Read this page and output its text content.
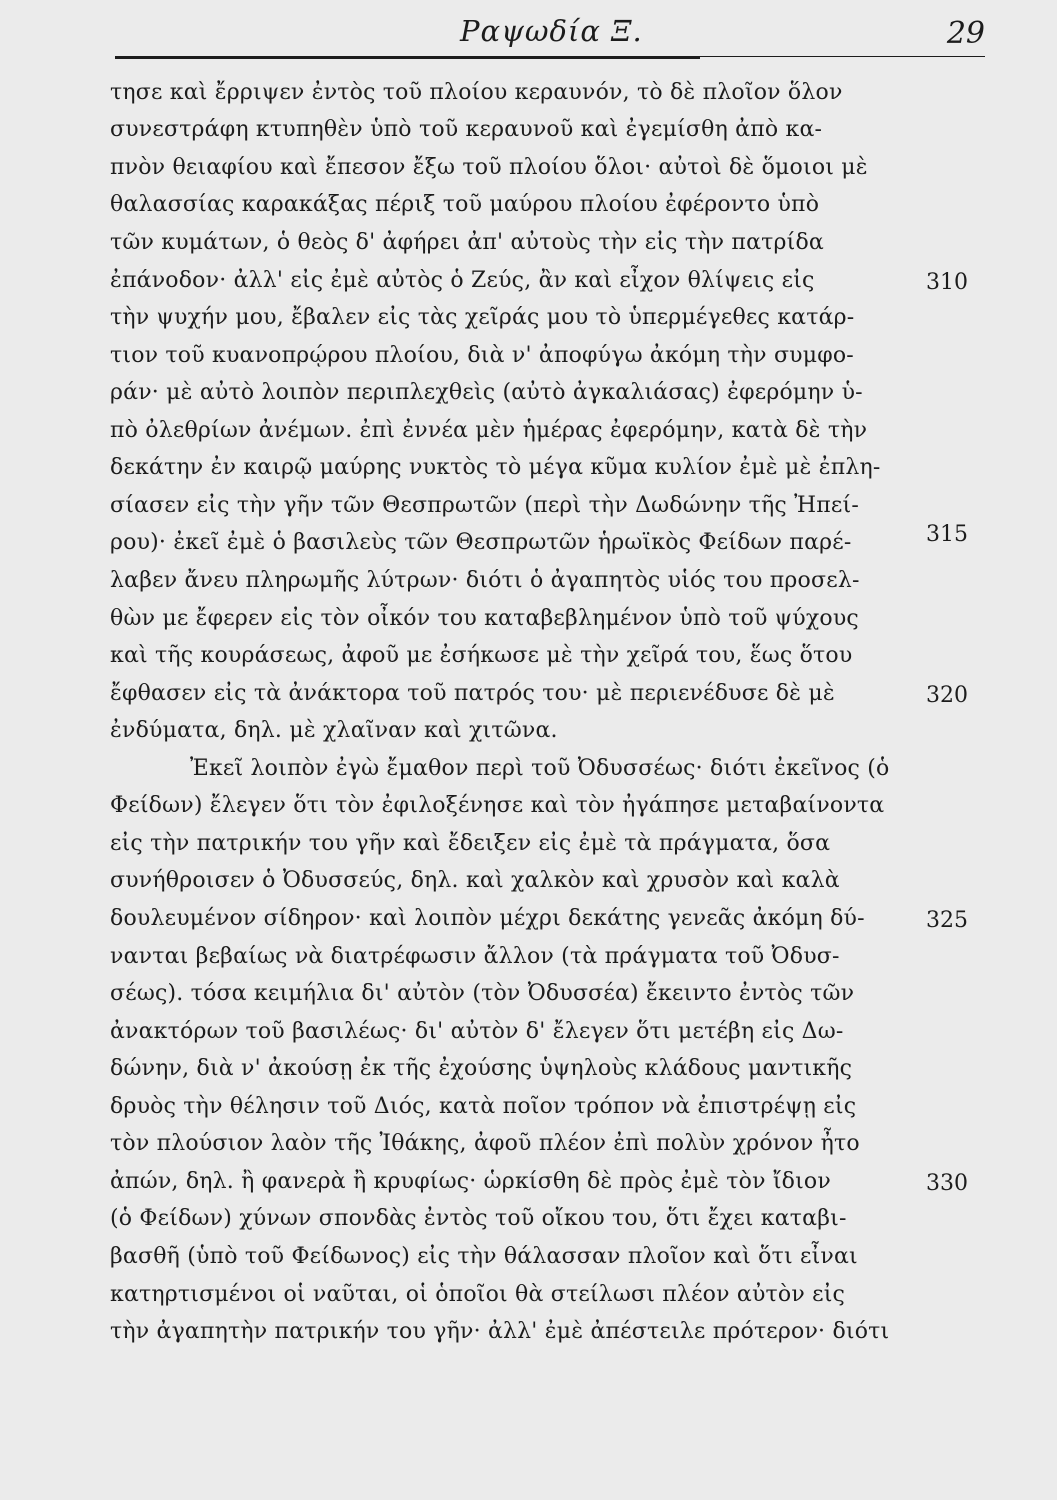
Ραψωδία Ξ.	29
τησε καὶ ἔρριψεν ἐντὸς τοῦ πλοίου κεραυνόν, τὸ δὲ πλοῖον ὅλον
συνεστράφη κτυπηθὲν ὑπὸ τοῦ κεραυνοῦ καὶ ἐγεμίσθη ἀπὸ κα-
πνὸν θειαφίου καὶ ἔπεσον ἔξω τοῦ πλοίου ὅλοι· αὐτοὶ δὲ ὅμοιοι μὲ
θαλασσίας καρακάξας πέριξ τοῦ μαύρου πλοίου ἐφέροντο ὑπὸ
τῶν κυμάτων, ὁ θεὸς δ' ἀφήρει ἀπ' αὐτοὺς τὴν εἰς τὴν πατρίδα
ἐπάνοδον· ἀλλ' εἰς ἐμὲ αὐτὸς ὁ Ζεύς, ἂν καὶ εἶχον θλίψεις εἰς
τὴν ψυχήν μου, ἔβαλεν εἰς τὰς χεῖράς μου τὸ ὑπερμέγεθες κατάρ-
τιον τοῦ κυανοπρῴρου πλοίου, διὰ ν' ἀποφύγω ἀκόμη τὴν συμφο-
ράν· μὲ αὐτὸ λοιπὸν περιπλεχθεὶς (αὐτὸ ἀγκαλιάσας) ἐφερόμην ὑ-
πὸ ὀλεθρίων ἀνέμων. ἐπὶ ἐννέα μὲν ἡμέρας ἐφερόμην, κατὰ δὲ τὴν
δεκάτην ἐν καιρῷ μαύρης νυκτὸς τὸ μέγα κῦμα κυλίον ἐμὲ μὲ ἐπλη-
σίασεν εἰς τὴν γῆν τῶν Θεσπρωτῶν (περὶ τὴν Δωδώνην τῆς Ἠπεί-
ρου)· ἐκεῖ ἐμὲ ὁ βασιλεὺς τῶν Θεσπρωτῶν ἡρωϊκὸς Φείδων παρέ-
λαβεν ἄνευ πληρωμῆς λύτρων· διότι ὁ ἀγαπητὸς υἱός του προσελ-
θὼν με ἔφερεν εἰς τὸν οἶκόν του καταβεβλημένον ὑπὸ τοῦ ψύχους
καὶ τῆς κουράσεως, ἀφοῦ με ἐσήκωσε μὲ τὴν χεῖρά του, ἕως ὅτου
ἔφθασεν εἰς τὰ ἀνάκτορα τοῦ πατρός του· μὲ περιενέδυσε δὲ μὲ
ἐνδύματα, δηλ. μὲ χλαῖναν καὶ χιτῶνα.
Ἐκεῖ λοιπὸν ἐγὼ ἔμαθον περὶ τοῦ Ὀδυσσέως· διότι ἐκεῖνος (ὁ
Φείδων) ἔλεγεν ὅτι τὸν ἐφιλοξένησε καὶ τὸν ἠγάπησε μεταβαίνοντα
εἰς τὴν πατρικήν του γῆν καὶ ἔδειξεν εἰς ἐμὲ τὰ πράγματα, ὅσα
συνήθροισεν ὁ Ὀδυσσεύς, δηλ. καὶ χαλκὸν καὶ χρυσὸν καὶ καλὰ
δουλευμένον σίδηρον· καὶ λοιπὸν μέχρι δεκάτης γενεᾶς ἀκόμη δύ-
νανται βεβαίως νὰ διατρέφωσιν ἄλλον (τὰ πράγματα τοῦ Ὀδυσ-
σέως). τόσα κειμήλια δι' αὐτὸν (τὸν Ὀδυσσέα) ἔκειντο ἐντὸς τῶν
ἀνακτόρων τοῦ βασιλέως· δι' αὐτὸν δ' ἔλεγεν ὅτι μετέβη εἰς Δω-
δώνην, διὰ ν' ἀκούσῃ ἐκ τῆς ἐχούσης ὑψηλοὺς κλάδους μαντικῆς
δρυὸς τὴν θέλησιν τοῦ Διός, κατὰ ποῖον τρόπον νὰ ἐπιστρέψῃ εἰς
τὸν πλούσιον λαὸν τῆς Ἰθάκης, ἀφοῦ πλέον ἐπὶ πολὺν χρόνον ἦτο
ἀπών, δηλ. ἢ φανερὰ ἢ κρυφίως· ὡρκίσθη δὲ πρὸς ἐμὲ τὸν ἴδιον
(ὁ Φείδων) χύνων σπονδὰς ἐντὸς τοῦ οἴκου του, ὅτι ἔχει καταβι-
βασθῆ (ὑπὸ τοῦ Φείδωνος) εἰς τὴν θάλασσαν πλοῖον καὶ ὅτι εἶναι
κατηρτισμένοι οἱ ναῦται, οἱ ὁποῖοι θὰ στείλωσι πλέον αὐτὸν εἰς
τὴν ἀγαπητὴν πατρικήν του γῆν· ἀλλ' ἐμὲ ἀπέστειλε πρότερον· διότι
310
315
320
325
330
